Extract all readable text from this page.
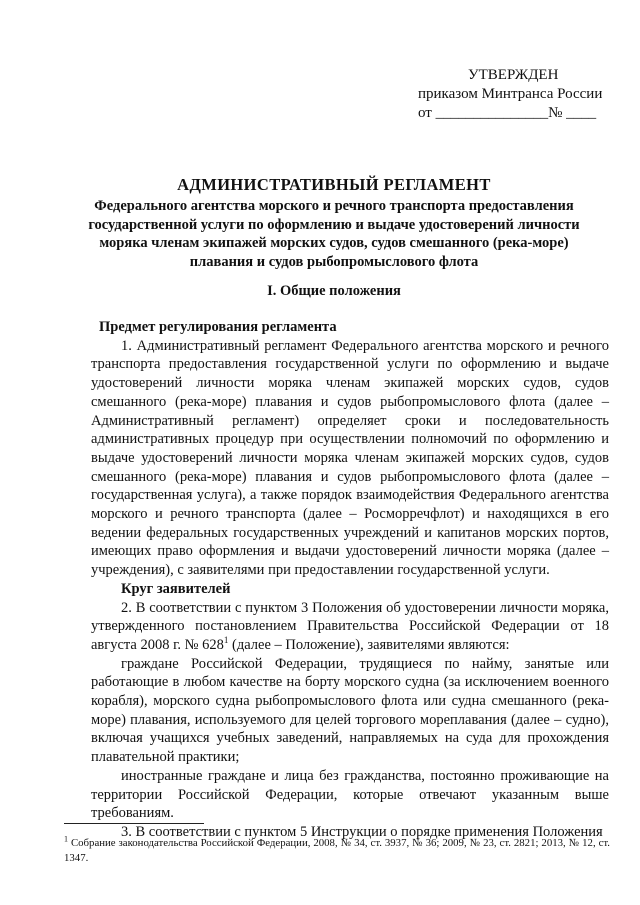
УТВЕРЖДЕН
приказом Минтранса России
от _______________№ ____
АДМИНИСТРАТИВНЫЙ РЕГЛАМЕНТ
Федерального агентства морского и речного транспорта предоставления государственной услуги по оформлению и выдаче удостоверений личности моряка членам экипажей морских судов, судов смешанного (река-море) плавания и судов рыбопромыслового флота
I. Общие положения
Предмет регулирования регламента

1. Административный регламент Федерального агентства морского и речного транспорта предоставления государственной услуги по оформлению и выдаче удостоверений личности моряка членам экипажей морских судов, судов смешанного (река-море) плавания и судов рыбопромыслового флота (далее – Административный регламент) определяет сроки и последовательность административных процедур при осуществлении полномочий по оформлению и выдаче удостоверений личности моряка членам экипажей морских судов, судов смешанного (река-море) плавания и судов рыбопромыслового флота (далее – государственная услуга), а также порядок взаимодействия Федерального агентства морского и речного транспорта (далее – Росморречфлот) и находящихся в его ведении федеральных государственных учреждений и капитанов морских портов, имеющих право оформления и выдачи удостоверений личности моряка (далее – учреждения), с заявителями при предоставлении государственной услуги.

Круг заявителей

2. В соответствии с пунктом 3 Положения об удостоверении личности моряка, утвержденного постановлением Правительства Российской Федерации от 18 августа 2008 г. № $628^1$ (далее – Положение), заявителями являются:

граждане Российской Федерации, трудящиеся по найму, занятые или работающие в любом качестве на борту морского судна (за исключением военного корабля), морского судна рыбопромыслового флота или судна смешанного (река-море) плавания, используемого для целей торгового мореплавания (далее – судно), включая учащихся учебных заведений, направляемых на суда для прохождения плавательной практики;

иностранные граждане и лица без гражданства, постоянно проживающие на территории Российской Федерации, которые отвечают указанным выше требованиям.

3. В соответствии с пунктом 5 Инструкции о порядке применения Положения

$^1$ Собрание законодательства Российской Федерации, 2008, № 34, ст. 3937, № 36; 2009, № 23, ст. 2821; 2013, № 12, ст. 1347.
